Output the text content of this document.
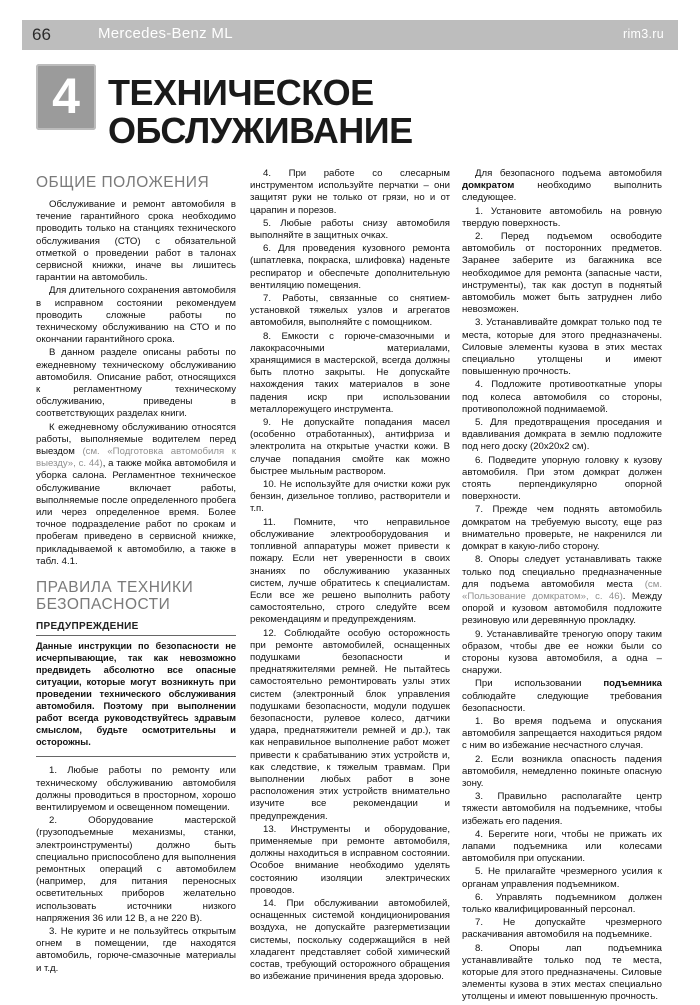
66	Mercedes-Benz ML	rim3.ru
4 ТЕХНИЧЕСКОЕ
ОБСЛУЖИВАНИЕ
ОБЩИЕ ПОЛОЖЕНИЯ

Обслуживание и ремонт автомобиля в течение гарантийного срока необходимо проводить только на станциях технического обслуживания (СТО) с обязательной отметкой о проведении работ в талонах сервисной книжки, иначе вы лишитесь гарантии на автомобиль.

Для длительного сохранения автомобиля в исправном состоянии рекомендуем проводить сложные работы по техническому обслуживанию на СТО и по окончании гарантийного срока.

В данном разделе описаны работы по ежедневному техническому обслуживанию автомобиля. Описание работ, относящихся к регламентному техническому обслуживанию, приведены в соответствующих разделах книги.

К ежедневному обслуживанию относятся работы, выполняемые водителем перед выездом (см. «Подготовка автомобиля к выезду», с. 44), а также мойка автомобиля и уборка салона. Регламентное техническое обслуживание включает работы, выполняемые после определенного пробега или через определенное время. Более точное подразделение работ по срокам и пробегам приведено в сервисной книжке, прикладываемой к автомобилю, а также в табл. 4.1.

ПРАВИЛА ТЕХНИКИ
БЕЗОПАСНОСТИ
ПРЕДУПРЕЖДЕНИЕ
Данные инструкции по безопасности не исчерпывающие, так как невозможно предвидеть абсолютно все опасные ситуации, которые могут возникнуть при проведении технического обслуживания автомобиля. Поэтому при выполнении работ всегда руководствуйтесь здравым смыслом, будьте осмотрительны и осторожны.

1. Любые работы по ремонту или техническому обслуживанию автомобиля должны проводиться в просторном, хорошо вентилируемом и освещенном помещении.

2. Оборудование мастерской (грузоподъемные механизмы, станки, электроинструменты) должно быть специально приспособлено для выполнения ремонтных операций с автомобилем (например, для питания переносных осветительных приборов желательно использовать источники низкого напряжения 36 или 12 В, а не 220 В).

3. Не курите и не пользуйтесь открытым огнем в помещении, где находятся автомобиль, горюче-смазочные материалы и т.д.

4. При работе со слесарным инструментом используйте перчатки – они защитят руки не только от грязи, но и от царапин и порезов.

5. Любые работы снизу автомобиля выполняйте в защитных очках.

6. Для проведения кузовного ремонта (шпатлевка, покраска, шлифовка) наденьте респиратор и обеспечьте дополнительную вентиляцию помещения.

7. Работы, связанные со снятием-установкой тяжелых узлов и агрегатов автомобиля, выполняйте с помощником.

8. Емкости с горюче-смазочными и лакокрасочными материалами, хранящимися в мастерской, всегда должны быть плотно закрыты. Не допускайте нахождения таких материалов в зоне падения искр при использовании металлорежущего инструмента.

9. Не допускайте попадания масел (особенно отработанных), антифриза и электролита на открытые участки кожи. В случае попадания смойте как можно быстрее мыльным раствором.

10. Не используйте для очистки кожи рук бензин, дизельное топливо, растворители и т.п.

11. Помните, что неправильное обслуживание электрооборудования и топливной аппаратуры может привести к пожару. Если нет уверенности в своих знаниях по обслуживанию указанных систем, лучше обратитесь к специалистам. Если все же решено выполнить работу самостоятельно, строго следуйте всем рекомендациям и предупреждениям.

12. Соблюдайте особую осторожность при ремонте автомобилей, оснащенных подушками безопасности и преднатяжителями ремней. Не пытайтесь самостоятельно ремонтировать узлы этих систем (электронный блок управления подушками безопасности, модули подушек безопасности, рулевое колесо, датчики удара, преднатяжители ремней и др.), так как неправильное выполнение работ может привести к срабатыванию этих устройств и, как следствие, к тяжелым травмам. При выполнении любых работ в зоне расположения этих устройств внимательно изучите все рекомендации и предупреждения.

13. Инструменты и оборудование, применяемые при ремонте автомобиля, должны находиться в исправном состоянии. Особое внимание необходимо уделять состоянию изоляции электрических проводов.

14. При обслуживании автомобилей, оснащенных системой кондиционирования воздуха, не допускайте разгерметизации системы, поскольку содержащийся в ней хладагент представляет собой химический состав, требующий осторожного обращения во избежание причинения вреда здоровью.

Для безопасного подъема автомобиля домкратом необходимо выполнить следующее.

1. Установите автомобиль на ровную твердую поверхность.

2. Перед подъемом освободите автомобиль от посторонних предметов. Заранее заберите из багажника все необходимое для ремонта (запасные части, инструменты), так как доступ в поднятый автомобиль может быть затруднен либо невозможен.

3. Устанавливайте домкрат только под те места, которые для этого предназначены. Силовые элементы кузова в этих местах специально утолщены и имеют повышенную прочность.

4. Подложите противооткатные упоры под колеса автомобиля со стороны, противоположной поднимаемой.

5. Для предотвращения проседания и вдавливания домкрата в землю подложите под него доску (20x20x2 см).

6. Подведите упорную головку к кузову автомобиля. При этом домкрат должен стоять перпендикулярно опорной поверхности.

7. Прежде чем поднять автомобиль домкратом на требуемую высоту, еще раз внимательно проверьте, не накренился ли домкрат в какую-либо сторону.

8. Опоры следует устанавливать также только под специально предназначенные для подъема автомобиля места (см. «Пользование домкратом», с. 46). Между опорой и кузовом автомобиля подложите резиновую или деревянную прокладку.

9. Устанавливайте треногую опору таким образом, чтобы две ее ножки были со стороны кузова автомобиля, а одна – снаружи.

При использовании подъемника соблюдайте следующие требования безопасности.

1. Во время подъема и опускания автомобиля запрещается находиться рядом с ним во избежание несчастного случая.

2. Если возникла опасность падения автомобиля, немедленно покиньте опасную зону.

3. Правильно располагайте центр тяжести автомобиля на подъемнике, чтобы избежать его падения.

4. Берегите ноги, чтобы не прижать их лапами подъемника или колесами автомобиля при опускании.

5. Не прилагайте чрезмерного усилия к органам управления подъемником.

6. Управлять подъемником должен только квалифицированный персонал.

7. Не допускайте чрезмерного раскачивания автомобиля на подъемнике.

8. Опоры лап подъемника устанавливайте только под те места, которые для этого предназначены. Силовые элементы кузова в этих местах специально утолщены и имеют повышенную прочность.
